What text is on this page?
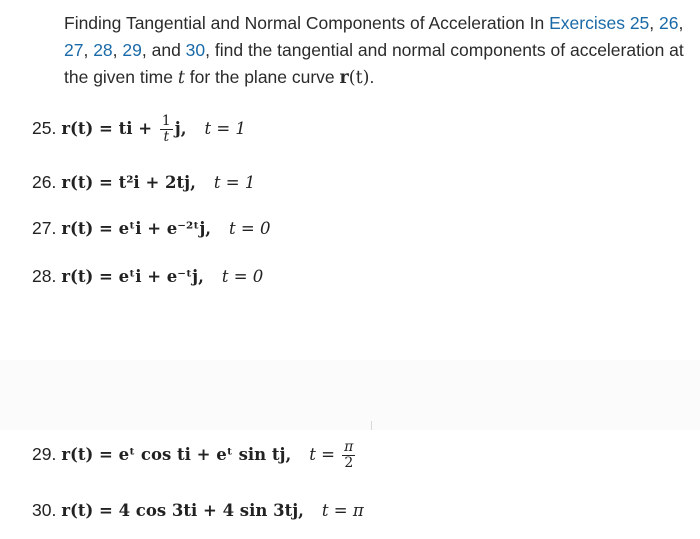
Finding Tangential and Normal Components of Acceleration In Exercises 25, 26, 27, 28, 29, and 30, find the tangential and normal components of acceleration at the given time t for the plane curve r(t).
25. r(t) = ti + $\frac{1}{t} j$, t = 1
26. r(t) = t²i + 2tj, t = 1
27. r(t) = eᵗi + e⁻²ᵗj, t = 0
28. r(t) = eᵗi + e⁻ᵗj, t = 0
29. r(t) = eᵗ cos ti + eᵗ sin tj, $t = \frac{\pi}{2}$
30. r(t) = 4 cos 3ti + 4 sin 3tj, t = π
